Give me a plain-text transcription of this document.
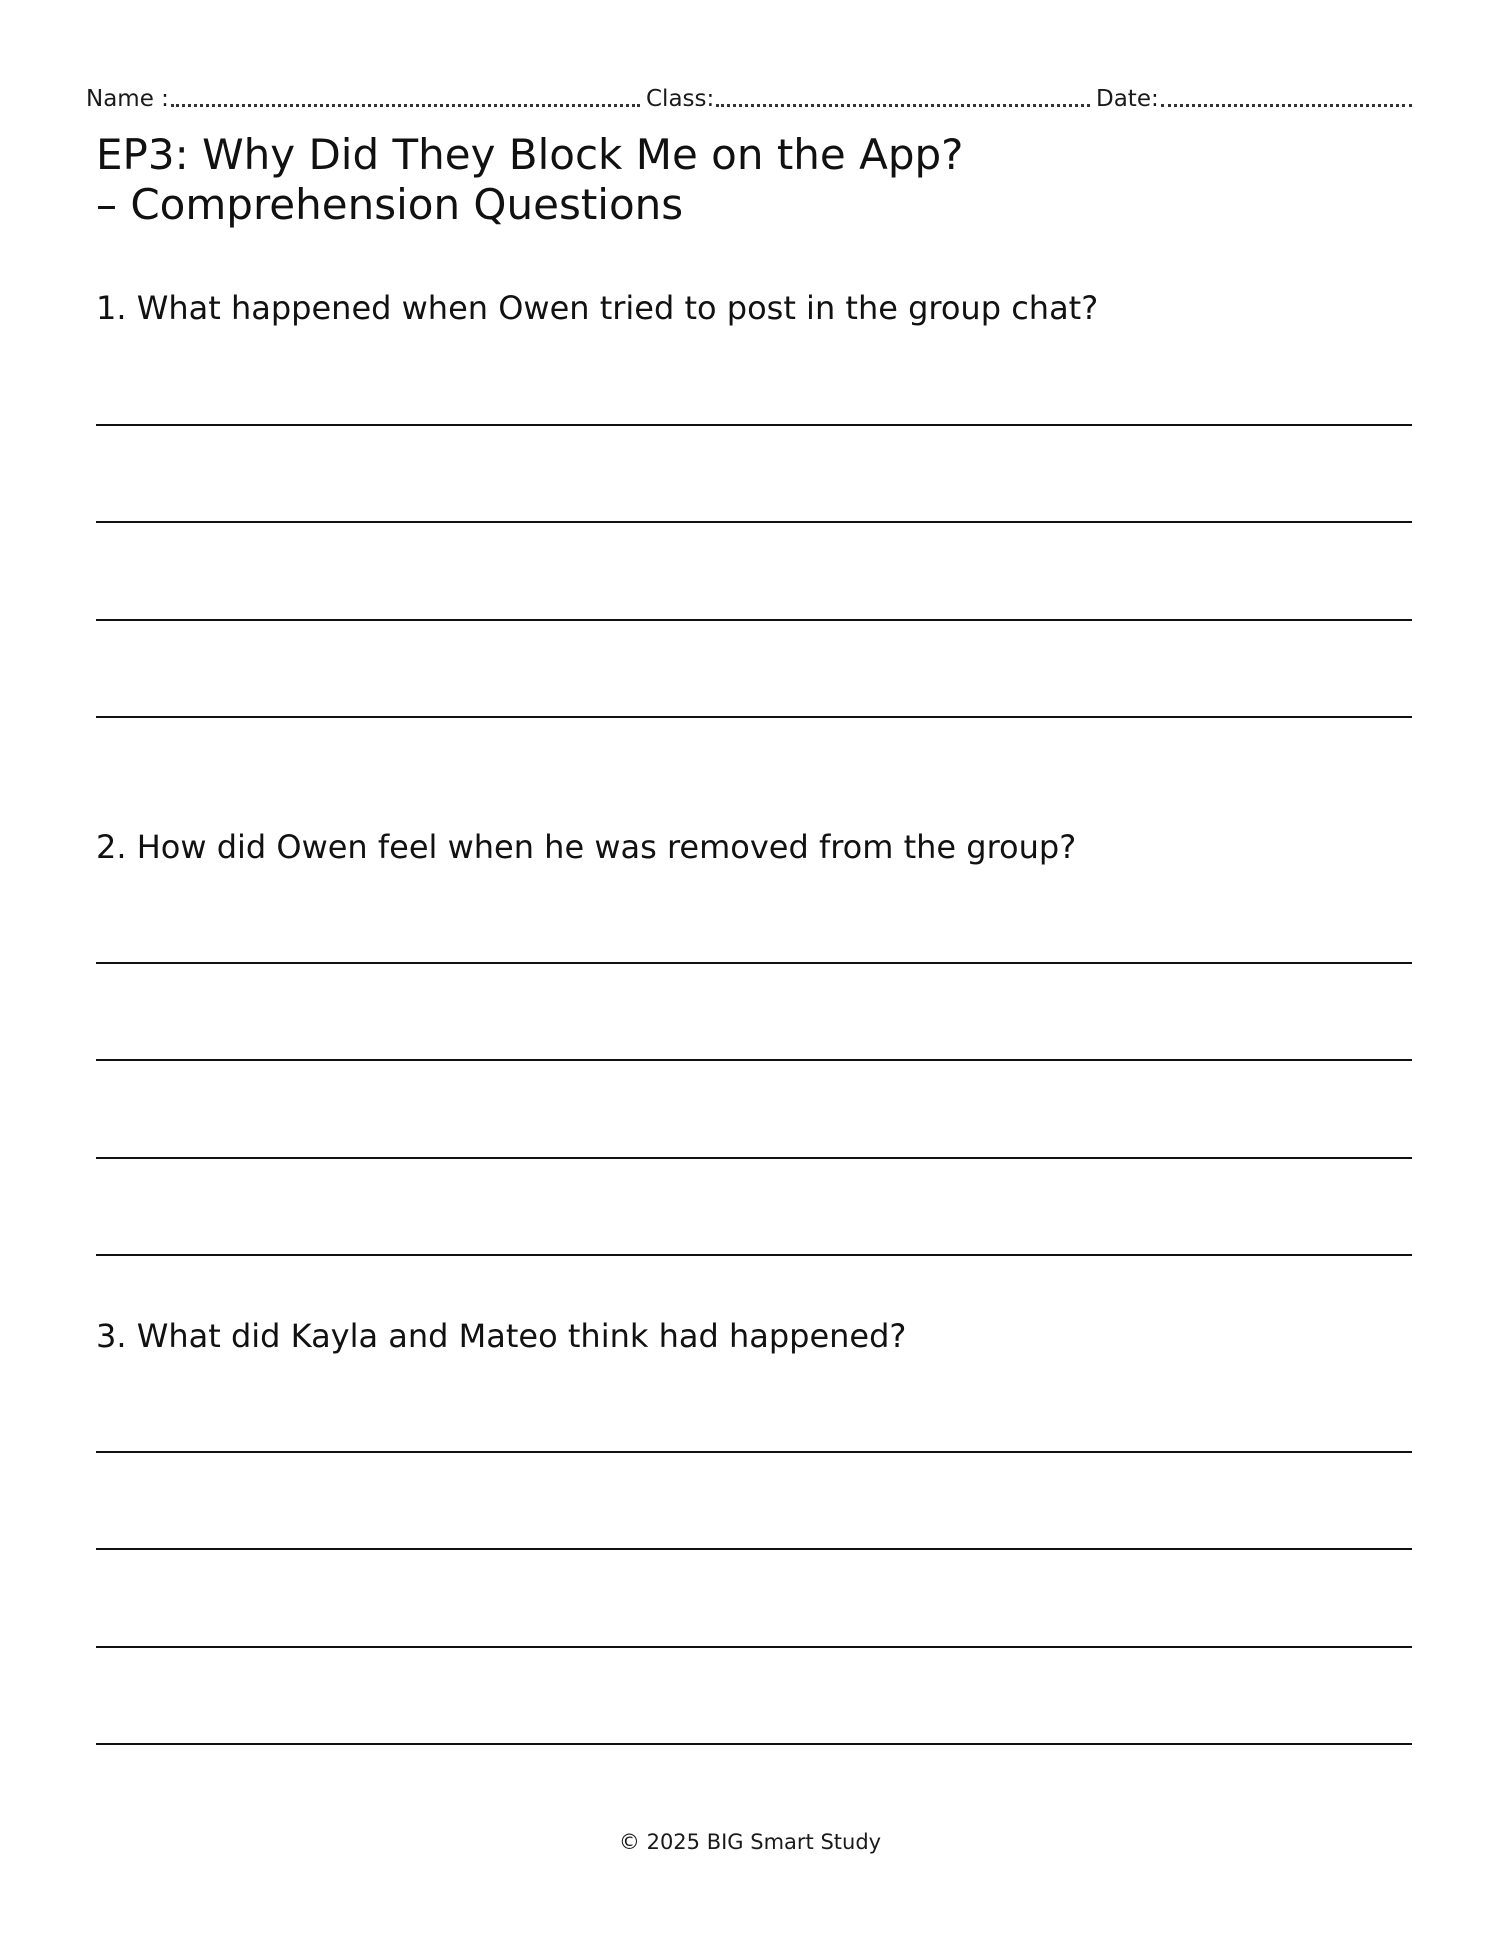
Name :	Class:	Date:
EP3: Why Did They Block Me on the App?
– Comprehension Questions
1. What happened when Owen tried to post in the group chat?
2. How did Owen feel when he was removed from the group?
3. What did Kayla and Mateo think had happened?
© 2025 BIG Smart Study
